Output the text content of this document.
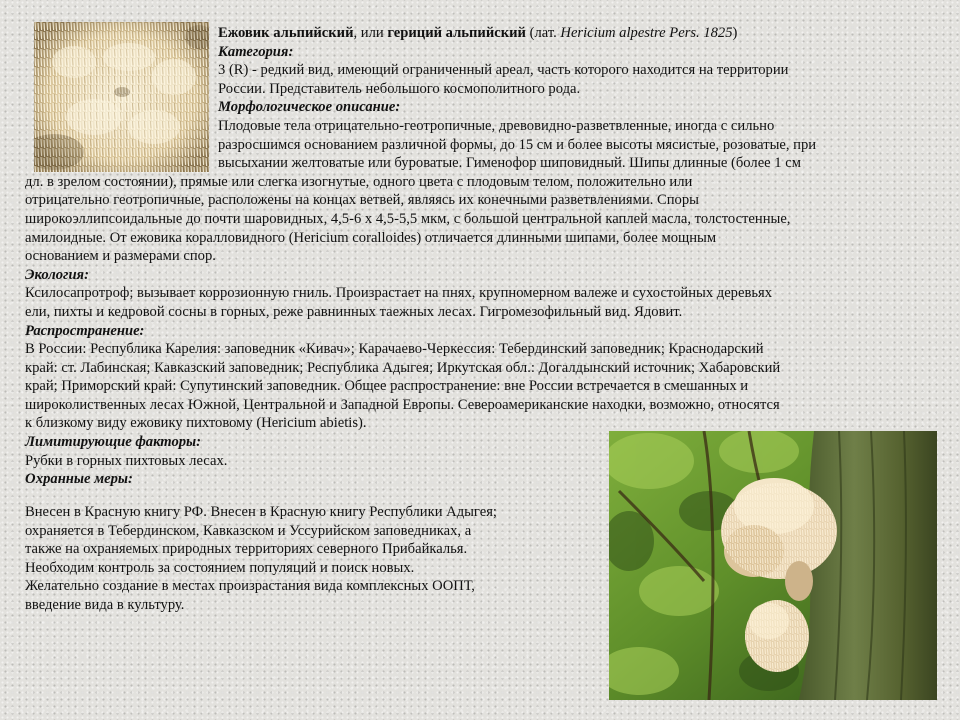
Ежовик альпийский, или гериций альпийский (лат. Hericium alpestre Pers. 1825)
Категория:
3 (R) - редкий вид, имеющий ограниченный ареал, часть которого находится на территории
России. Представитель небольшого космополитного рода.
Морфологическое описание:
Плодовые тела отрицательно-геотропичные, древовидно-разветвленные, иногда с сильно
разросшимся основанием различной формы, до 15 см и более высоты мясистые, розоватые, при
высыхании желтоватые или буроватые. Гименофор шиповидный. Шипы длинные (более 1 см
дл. в зрелом состоянии), прямые или слегка изогнутые, одного цвета с плодовым телом, положительно или
отрицательно геотропичные, расположены на концах ветвей, являясь их конечными разветвлениями. Споры
широкоэллипсоидальные до почти шаровидных, 4,5-6 х 4,5-5,5 мкм, с большой центральной каплей масла, толстостенные,
амилоидные. От ежовика коралловидного (Hericium coralloides) отличается длинными шипами, более мощным
основанием и размерами спор.
Экология:
Ксилосапротроф; вызывает коррозионную гниль. Произрастает на пнях, крупномерном валеже и сухостойных деревьях
ели, пихты и кедровой сосны в горных, реже равнинных таежных лесах. Гигромезофильный вид. Ядовит.
Распространение:
В России: Республика Карелия: заповедник «Кивач»; Карачаево-Черкессия: Тебердинский заповедник; Краснодарский
край: ст. Лабинская; Кавказский заповедник; Республика Адыгея; Иркутская обл.: Догалдынский источник; Хабаровский
край; Приморский край: Супутинский заповедник. Общее распространение: вне России встречается в смешанных и
широколиственных лесах Южной, Центральной и Западной Европы. Североамериканские находки, возможно, относятся
к близкому виду ежовику пихтовому (Hericium abietis).
Лимитирующие факторы:
Рубки в горных пихтовых лесах.
Охранные меры:
Внесен в Красную книгу РФ. Внесен в Красную книгу Республики Адыгея;
охраняется в Тебердинском, Кавказском и Уссурийском заповедниках, а
также на охраняемых природных территориях северного Прибайкалья.
Необходим контроль за состоянием популяций и поиск новых.
Желательно создание в местах произрастания вида комплексных ООПТ,
введение вида в культуру.
